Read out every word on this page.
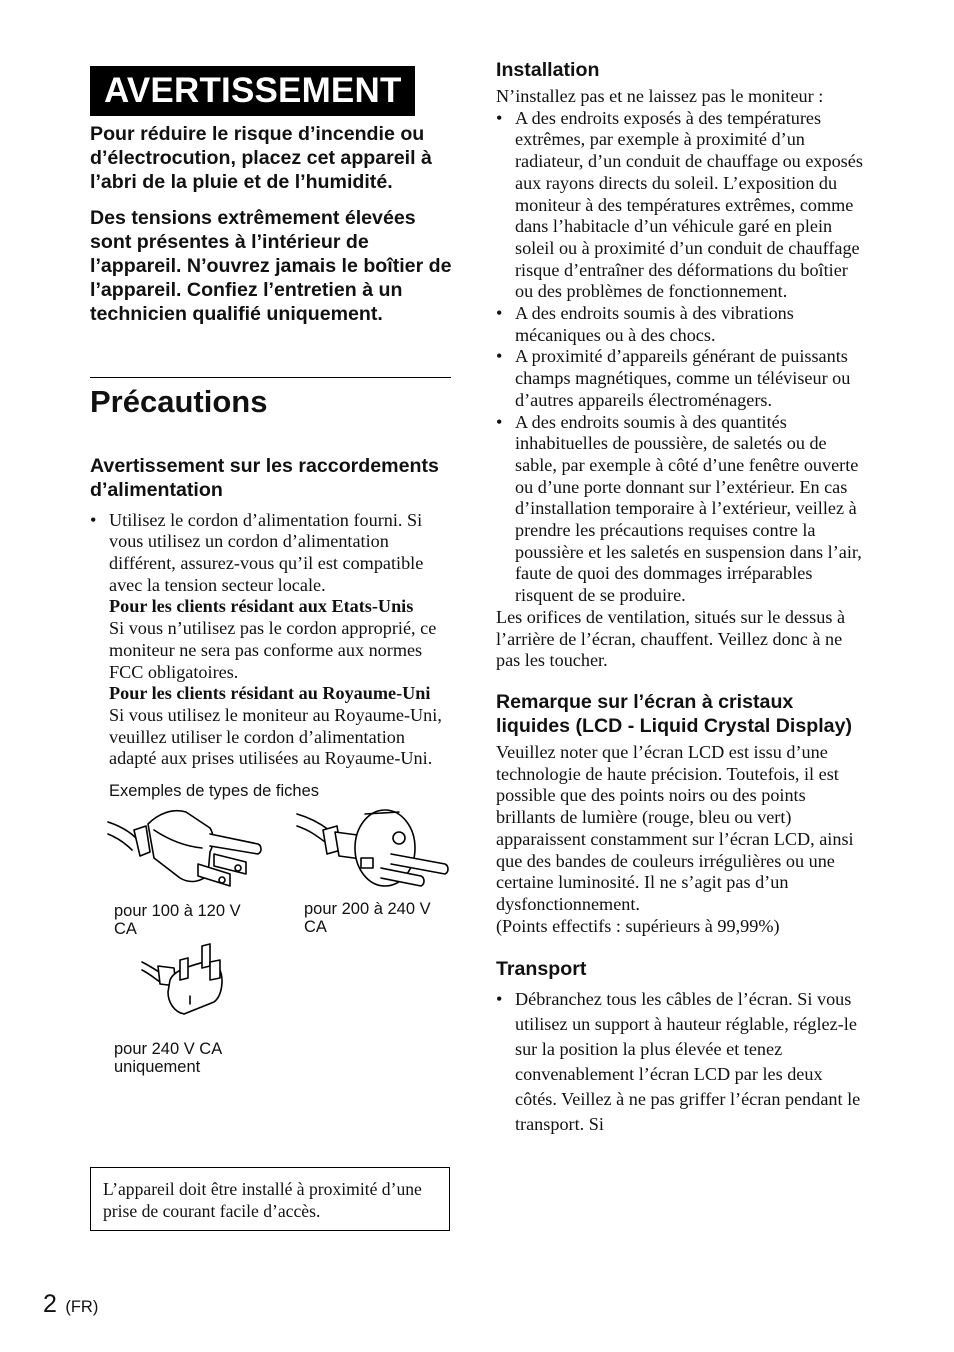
AVERTISSEMENT

Pour réduire le risque d’incendie ou d’électrocution, placez cet appareil à l’abri de la pluie et de l’humidité.

Des tensions extrêmement élevées sont présentes à l’intérieur de l’appareil. N’ouvrez jamais le boîtier de l’appareil. Confiez l’entretien à un technicien qualifié uniquement.

Précautions
Avertissement sur les raccordements d’alimentation
• Utilisez le cordon d’alimentation fourni. Si vous utilisez un cordon d’alimentation différent, assurez-vous qu’il est compatible avec la tension secteur locale.
Pour les clients résidant aux Etats-Unis
Si vous n’utilisez pas le cordon approprié, ce moniteur ne sera pas conforme aux normes FCC obligatoires.
Pour les clients résidant au Royaume-Uni
Si vous utilisez le moniteur au Royaume-Uni, veuillez utiliser le cordon d’alimentation adapté aux prises utilisées au Royaume-Uni.
Exemples de types de fiches
pour 100 à 120 V
CA
pour 200 à 240 V
CA
pour 240 V CA
uniquement

L’appareil doit être installé à proximité d’une prise de courant facile d’accès.

Installation

N’installez pas et ne laissez pas le moniteur :

• A des endroits exposés à des températures extrêmes, par exemple à proximité d’un radiateur, d’un conduit de chauffage ou exposés aux rayons directs du soleil. L’exposition du moniteur à des températures extrêmes, comme dans l’habitacle d’un véhicule garé en plein soleil ou à proximité d’un conduit de chauffage risque d’entraîner des déformations du boîtier ou des problèmes de fonctionnement.
• A des endroits soumis à des vibrations mécaniques ou à des chocs.
• A proximité d’appareils générant de puissants champs magnétiques, comme un téléviseur ou d’autres appareils électroménagers.
• A des endroits soumis à des quantités inhabituelles de poussière, de saletés ou de sable, par exemple à côté d’une fenêtre ouverte ou d’une porte donnant sur l’extérieur. En cas d’installation temporaire à l’extérieur, veillez à prendre les précautions requises contre la poussière et les saletés en suspension dans l’air, faute de quoi des dommages irréparables risquent de se produire.

Les orifices de ventilation, situés sur le dessus à l’arrière de l’écran, chauffent. Veillez donc à ne pas les toucher.

Remarque sur l’écran à cristaux liquides (LCD - Liquid Crystal Display)

Veuillez noter que l’écran LCD est issu d’une technologie de haute précision. Toutefois, il est possible que des points noirs ou des points brillants de lumière (rouge, bleu ou vert) apparaissent constamment sur l’écran LCD, ainsi que des bandes de couleurs irrégulières ou une certaine luminosité. Il ne s’agit pas d’un dysfonctionnement.

(Points effectifs : supérieurs à 99,99%)

Transport
• Débranchez tous les câbles de l’écran. Si vous utilisez un support à hauteur réglable, réglez-le sur la position la plus élevée et tenez convenablement l’écran LCD par les deux côtés. Veillez à ne pas griffer l’écran pendant le transport. Si
2 (FR)
